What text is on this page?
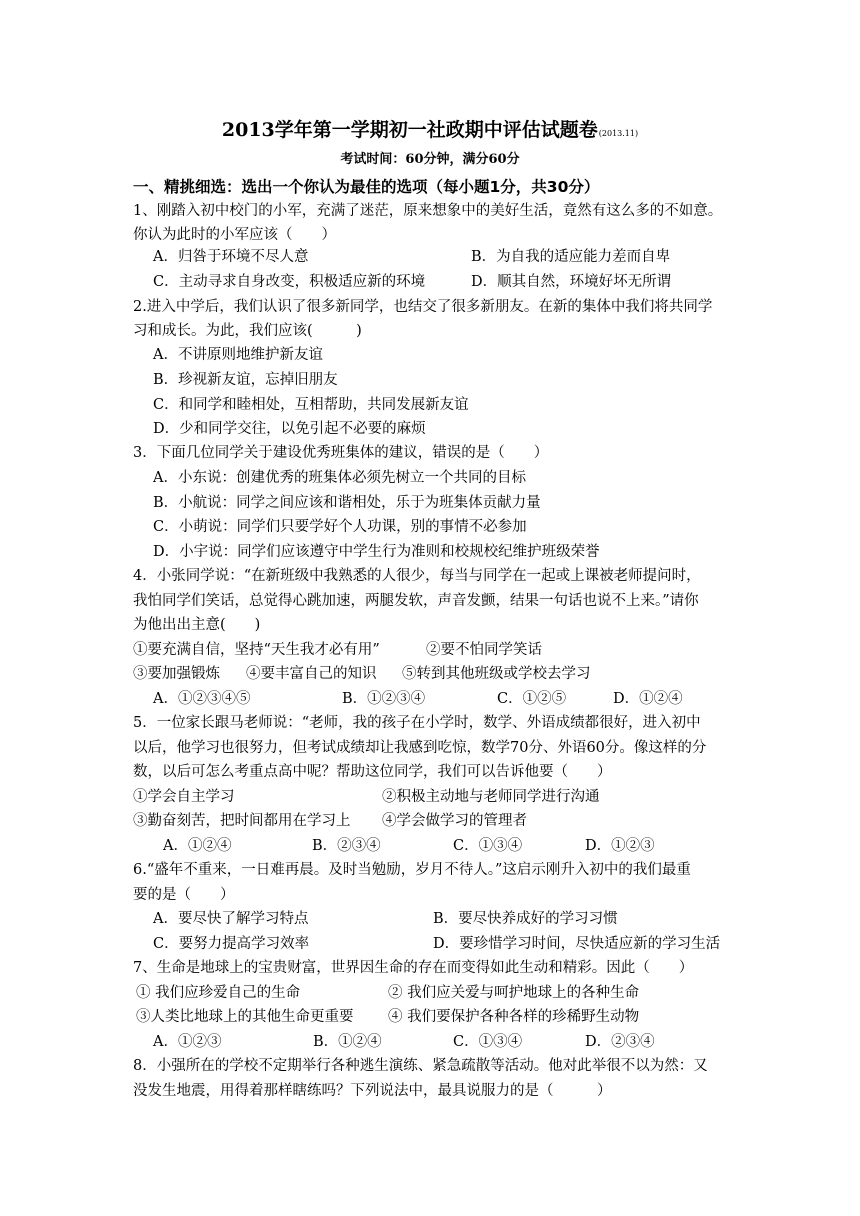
2013学年第一学期初一社政期中评估试题卷(2013.11)
考试时间：60分钟，满分60分
一、精挑细选：选出一个你认为最佳的选项（每小题1分，共30分）
1、刚踏入初中校门的小军，充满了迷茫，原来想象中的美好生活，竟然有这么多的不如意。
你认为此时的小军应该（　　）
A．归咎于环境不尽人意	B．为自我的适应能力差而自卑
C．主动寻求自身改变，积极适应新的环境	D．顺其自然，环境好坏无所谓
2.进入中学后，我们认识了很多新同学，也结交了很多新朋友。在新的集体中我们将共同学
习和成长。为此，我们应该(　　　)
A．不讲原则地维护新友谊
B．珍视新友谊，忘掉旧朋友
C．和同学和睦相处，互相帮助，共同发展新友谊
D．少和同学交往，以免引起不必要的麻烦
3．下面几位同学关于建设优秀班集体的建议，错误的是（　　）
A．小东说：创建优秀的班集体必须先树立一个共同的目标
B．小航说：同学之间应该和谐相处，乐于为班集体贡献力量
C．小萌说：同学们只要学好个人功课，别的事情不必参加
D．小宇说：同学们应该遵守中学生行为准则和校规校纪维护班级荣誉
4．小张同学说：“在新班级中我熟悉的人很少，每当与同学在一起或上课被老师提问时，
我怕同学们笑话，总觉得心跳加速，两腿发软，声音发颤，结果一句话也说不上来。”请你
为他出出主意(　　)
①要充满自信，坚持“天生我才必有用”	②要不怕同学笑话
③要加强锻炼 ④要丰富自己的知识 ⑤转到其他班级或学校去学习
A．①②③④⑤	B．①②③④	C．①②⑤	D．①②④
5．一位家长跟马老师说：“老师，我的孩子在小学时，数学、外语成绩都很好，进入初中
以后，他学习也很努力，但考试成绩却让我感到吃惊，数学70分、外语60分。像这样的分
数，以后可怎么考重点高中呢？帮助这位同学，我们可以告诉他要（　　）
①学会自主学习	②积极主动地与老师同学进行沟通
③勤奋刻苦，把时间都用在学习上 ④学会做学习的管理者
A．①②④	B．②③④	C．①③④	D．①②③
6.“盛年不重来，一日难再晨。及时当勉励，岁月不待人。”这启示刚升入初中的我们最重
要的是（　　）
A．要尽快了解学习特点	B．要尽快养成好的学习习惯
C．要努力提高学习效率	D．要珍惜学习时间，尽快适应新的学习生活
7、生命是地球上的宝贵财富，世界因生命的存在而变得如此生动和精彩。因此（　　）
① 我们应珍爱自己的生命	② 我们应关爱与呵护地球上的各种生命
③人类比地球上的其他生命更重要 ④ 我们要保护各种各样的珍稀野生动物
A．①②③	B．①②④	C．①③④	D．②③④
8．小强所在的学校不定期举行各种逃生演练、紧急疏散等活动。他对此举很不以为然：又
没发生地震，用得着那样瞎练吗？下列说法中，最具说服力的是（　　　）
